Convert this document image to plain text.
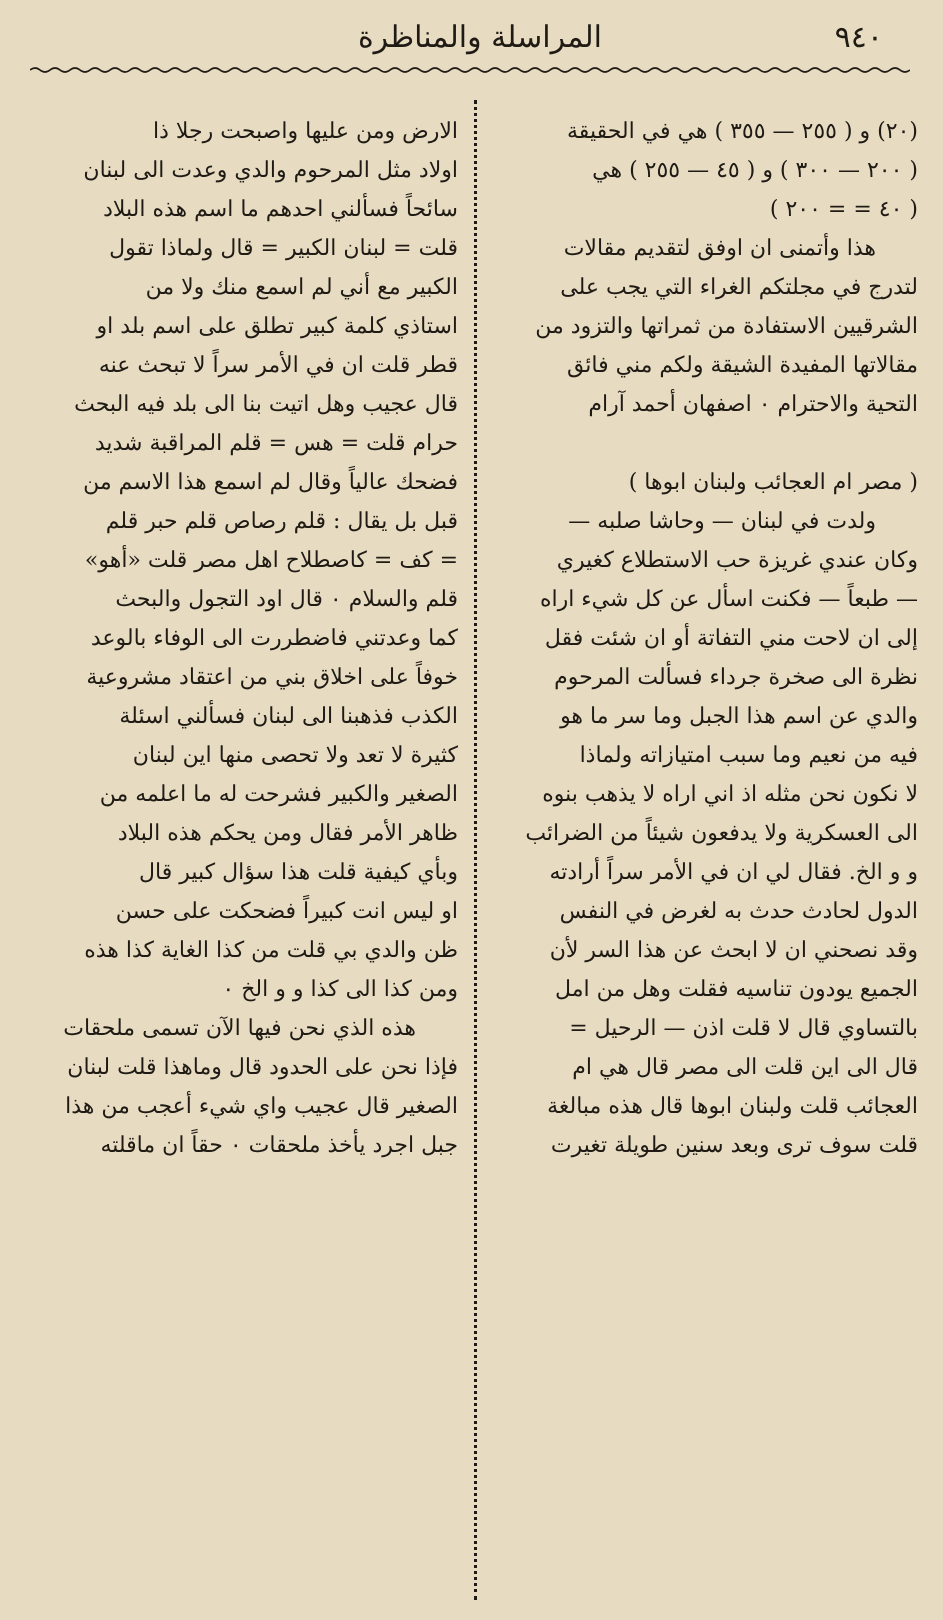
المراسلة والمناظرة	٩٤٠
(٢٠) و ( ٢٥٥ — ٣٥٥ ) هي في الحقيقة
( ٢٠٠ — ٣٠٠ ) و ( ٤٥ — ٢٥٥ ) هي
( ٤٠ = = ٢٠٠ )
هذا وأتمنى ان اوفق لتقديم مقالات
لتدرج في مجلتكم الغراء التي يجب على
الشرقيين الاستفادة من ثمراتها والتزود من
مقالاتها المفيدة الشيقة ولكم مني فائق
التحية والاحترام ٠ اصفهان أحمد آرام
( مصر ام العجائب ولبنان ابوها )
ولدت في لبنان — وحاشا صلبه —
وكان عندي غريزة حب الاستطلاع كغيري
— طبعاً — فكنت اسأل عن كل شيء اراه
إلى ان لاحت مني التفاتة أو ان شئت فقل
نظرة الى صخرة جرداء فسألت المرحوم
والدي عن اسم هذا الجبل وما سر ما هو
فيه من نعيم وما سبب امتيازاته ولماذا
لا نكون نحن مثله اذ اني اراه لا يذهب بنوه
الى العسكرية ولا يدفعون شيئاً من الضرائب
و و الخ. فقال لي ان في الأمر سراً أرادته
الدول لحادث حدث به لغرض في النفس
وقد نصحني ان لا ابحث عن هذا السر لأن
الجميع يودون تناسيه فقلت وهل من امل
بالتساوي قال لا قلت اذن — الرحيل =
قال الى اين قلت الى مصر قال هي ام
العجائب قلت ولبنان ابوها قال هذه مبالغة
قلت سوف ترى وبعد سنين طويلة تغيرت
الارض ومن عليها واصبحت رجلا ذا
اولاد مثل المرحوم والدي وعدت الى لبنان
سائحاً فسألني احدهم ما اسم هذه البلاد
قلت = لبنان الكبير = قال ولماذا تقول
الكبير مع أني لم اسمع منك ولا من
استاذي كلمة كبير تطلق على اسم بلد او
قطر قلت ان في الأمر سراً لا تبحث عنه
قال عجيب وهل اتيت بنا الى بلد فيه البحث
حرام قلت = هس = قلم المراقبة شديد
فضحك عالياً وقال لم اسمع هذا الاسم من
قبل بل يقال : قلم رصاص قلم حبر قلم
= كف = كاصطلاح اهل مصر قلت «أهو»
قلم والسلام ٠ قال اود التجول والبحث
كما وعدتني فاضطررت الى الوفاء بالوعد
خوفاً على اخلاق بني من اعتقاد مشروعية
الكذب فذهبنا الى لبنان فسألني اسئلة
كثيرة لا تعد ولا تحصى منها اين لبنان
الصغير والكبير فشرحت له ما اعلمه من
ظاهر الأمر فقال ومن يحكم هذه البلاد
وبأي كيفية قلت هذا سؤال كبير قال
او ليس انت كبيراً فضحكت على حسن
ظن والدي بي قلت من كذا الغاية كذا هذه
ومن كذا الى كذا و و الخ ٠
هذه الذي نحن فيها الآن تسمى ملحقات
فإذا نحن على الحدود قال وماهذا قلت لبنان
الصغير قال عجيب واي شيء أعجب من هذا
جبل اجرد يأخذ ملحقات ٠ حقاً ان ماقلته
